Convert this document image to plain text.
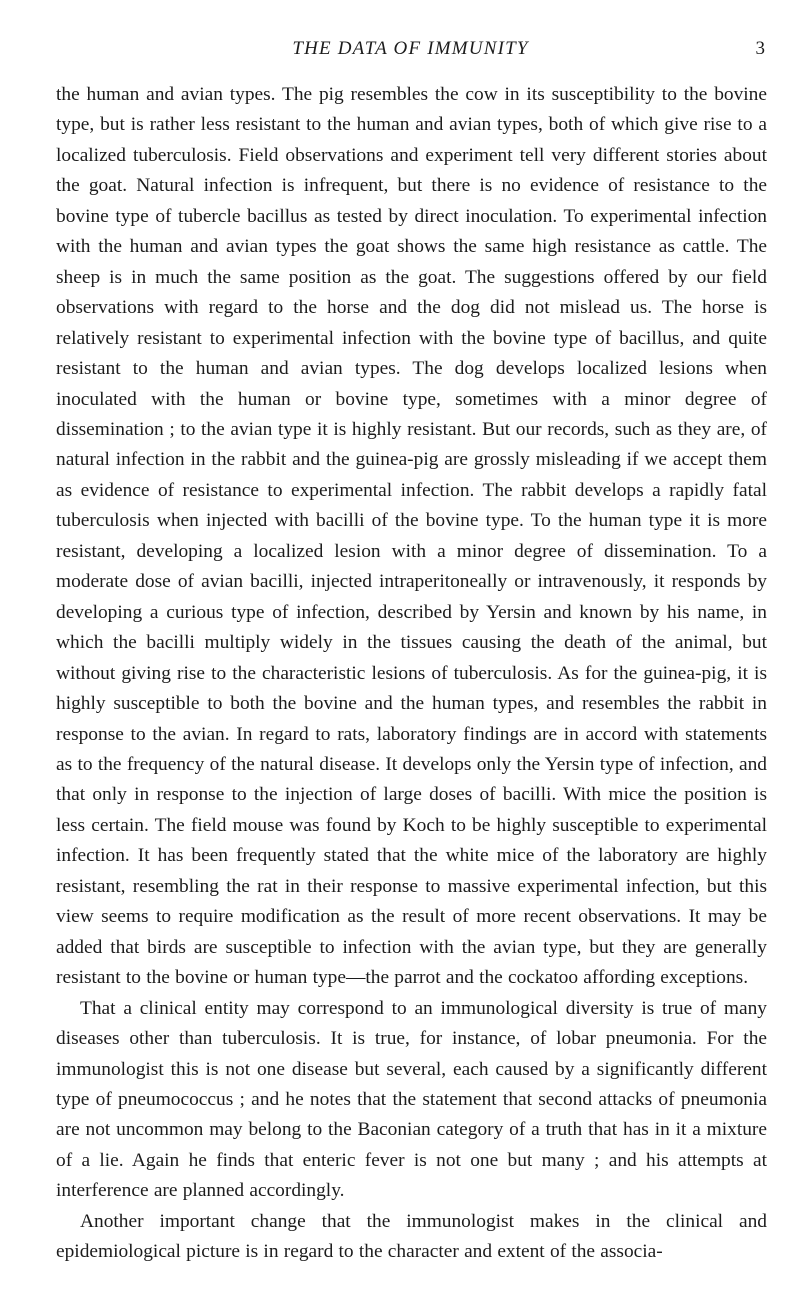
THE DATA OF IMMUNITY	3

the human and avian types. The pig resembles the cow in its susceptibility to the bovine type, but is rather less resistant to the human and avian types, both of which give rise to a localized tuberculosis. Field observations and experiment tell very different stories about the goat. Natural infection is infrequent, but there is no evidence of resistance to the bovine type of tubercle bacillus as tested by direct inoculation. To experimental infection with the human and avian types the goat shows the same high resistance as cattle. The sheep is in much the same position as the goat. The suggestions offered by our field observations with regard to the horse and the dog did not mislead us. The horse is relatively resistant to experimental infection with the bovine type of bacillus, and quite resistant to the human and avian types. The dog develops localized lesions when inoculated with the human or bovine type, sometimes with a minor degree of dissemination ; to the avian type it is highly resistant. But our records, such as they are, of natural infection in the rabbit and the guinea-pig are grossly misleading if we accept them as evidence of resistance to experimental infection. The rabbit develops a rapidly fatal tuberculosis when injected with bacilli of the bovine type. To the human type it is more resistant, developing a localized lesion with a minor degree of dissemination. To a moderate dose of avian bacilli, injected intraperitoneally or intravenously, it responds by developing a curious type of infection, described by Yersin and known by his name, in which the bacilli multiply widely in the tissues causing the death of the animal, but without giving rise to the characteristic lesions of tuberculosis. As for the guinea-pig, it is highly susceptible to both the bovine and the human types, and resembles the rabbit in response to the avian. In regard to rats, laboratory findings are in accord with statements as to the frequency of the natural disease. It develops only the Yersin type of infection, and that only in response to the injection of large doses of bacilli. With mice the position is less certain. The field mouse was found by Koch to be highly susceptible to experimental infection. It has been frequently stated that the white mice of the laboratory are highly resistant, resembling the rat in their response to massive experimental infection, but this view seems to require modification as the result of more recent observations. It may be added that birds are susceptible to infection with the avian type, but they are generally resistant to the bovine or human type—the parrot and the cockatoo affording exceptions.

That a clinical entity may correspond to an immunological diversity is true of many diseases other than tuberculosis. It is true, for instance, of lobar pneumonia. For the immunologist this is not one disease but several, each caused by a significantly different type of pneumococcus ; and he notes that the statement that second attacks of pneumonia are not uncommon may belong to the Baconian category of a truth that has in it a mixture of a lie. Again he finds that enteric fever is not one but many ; and his attempts at interference are planned accordingly.

Another important change that the immunologist makes in the clinical and epidemiological picture is in regard to the character and extent of the associa-
